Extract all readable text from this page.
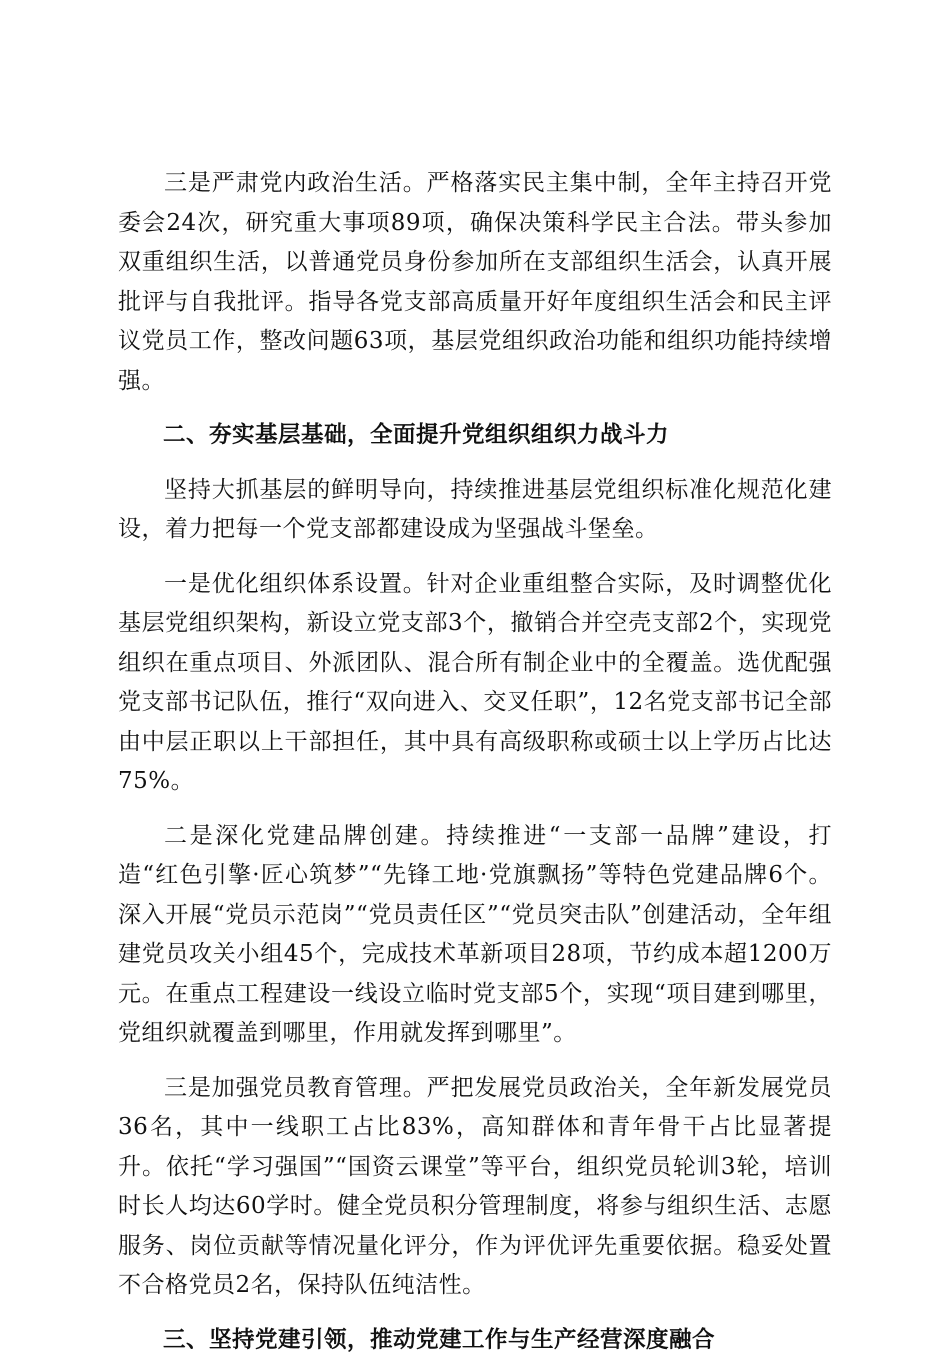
三是严肃党内政治生活。严格落实民主集中制，全年主持召开党委会24次，研究重大事项89项，确保决策科学民主合法。带头参加双重组织生活，以普通党员身份参加所在支部组织生活会，认真开展批评与自我批评。指导各党支部高质量开好年度组织生活会和民主评议党员工作，整改问题63项，基层党组织政治功能和组织功能持续增强。

二、夯实基层基础，全面提升党组织组织力战斗力

坚持大抓基层的鲜明导向，持续推进基层党组织标准化规范化建设，着力把每一个党支部都建设成为坚强战斗堡垒。

一是优化组织体系设置。针对企业重组整合实际，及时调整优化基层党组织架构，新设立党支部3个，撤销合并空壳支部2个，实现党组织在重点项目、外派团队、混合所有制企业中的全覆盖。选优配强党支部书记队伍，推行“双向进入、交叉任职”，12名党支部书记全部由中层正职以上干部担任，其中具有高级职称或硕士以上学历占比达75%。

二是深化党建品牌创建。持续推进“一支部一品牌”建设，打造“红色引擎·匠心筑梦”“先锋工地·党旗飘扬”等特色党建品牌6个。深入开展“党员示范岗”“党员责任区”“党员突击队”创建活动，全年组建党员攻关小组45个，完成技术革新项目28项，节约成本超1200万元。在重点工程建设一线设立临时党支部5个，实现“项目建到哪里，党组织就覆盖到哪里，作用就发挥到哪里”。

三是加强党员教育管理。严把发展党员政治关，全年新发展党员36名，其中一线职工占比83%，高知群体和青年骨干占比显著提升。依托“学习强国”“国资云课堂”等平台，组织党员轮训3轮，培训时长人均达60学时。健全党员积分管理制度，将参与组织生活、志愿服务、岗位贡献等情况量化评分，作为评优评先重要依据。稳妥处置不合格党员2名，保持队伍纯洁性。

三、坚持党建引领，推动党建工作与生产经营深度融合
